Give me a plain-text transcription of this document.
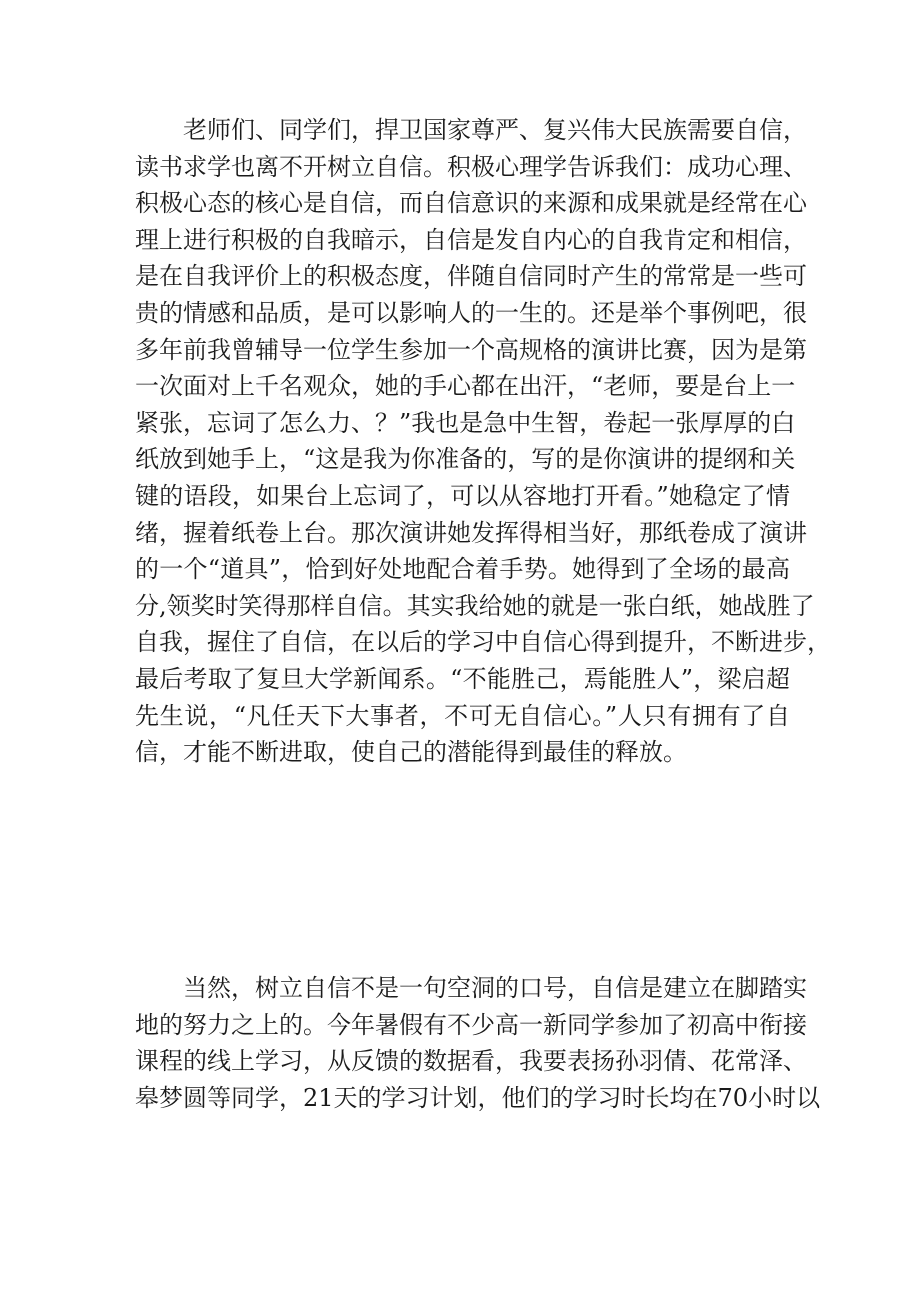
老师们、同学们，捍卫国家尊严、复兴伟大民族需要自信，
读书求学也离不开树立自信。积极心理学告诉我们：成功心理、
积极心态的核心是自信，而自信意识的来源和成果就是经常在心
理上进行积极的自我暗示，自信是发自内心的自我肯定和相信，
是在自我评价上的积极态度，伴随自信同时产生的常常是一些可
贵的情感和品质，是可以影响人的一生的。还是举个事例吧，很
多年前我曾辅导一位学生参加一个高规格的演讲比赛，因为是第
一次面对上千名观众，她的手心都在出汗，“老师，要是台上一
紧张，忘词了怎么力、？”我也是急中生智，卷起一张厚厚的白
纸放到她手上，“这是我为你准备的，写的是你演讲的提纲和关
键的语段，如果台上忘词了，可以从容地打开看。”她稳定了情
绪，握着纸卷上台。那次演讲她发挥得相当好，那纸卷成了演讲
的一个“道具”，恰到好处地配合着手势。她得到了全场的最高
分,领奖时笑得那样自信。其实我给她的就是一张白纸，她战胜了
自我，握住了自信，在以后的学习中自信心得到提升，不断进步，
最后考取了复旦大学新闻系。“不能胜己，焉能胜人”，梁启超
先生说，“凡任天下大事者，不可无自信心。”人只有拥有了自
信，才能不断进取，使自己的潜能得到最佳的释放。
当然，树立自信不是一句空洞的口号，自信是建立在脚踏实
地的努力之上的。今年暑假有不少高一新同学参加了初高中衔接
课程的线上学习，从反馈的数据看，我要表扬孙羽倩、花常泽、
皋梦圆等同学，21天的学习计划，他们的学习时长均在70小时以
